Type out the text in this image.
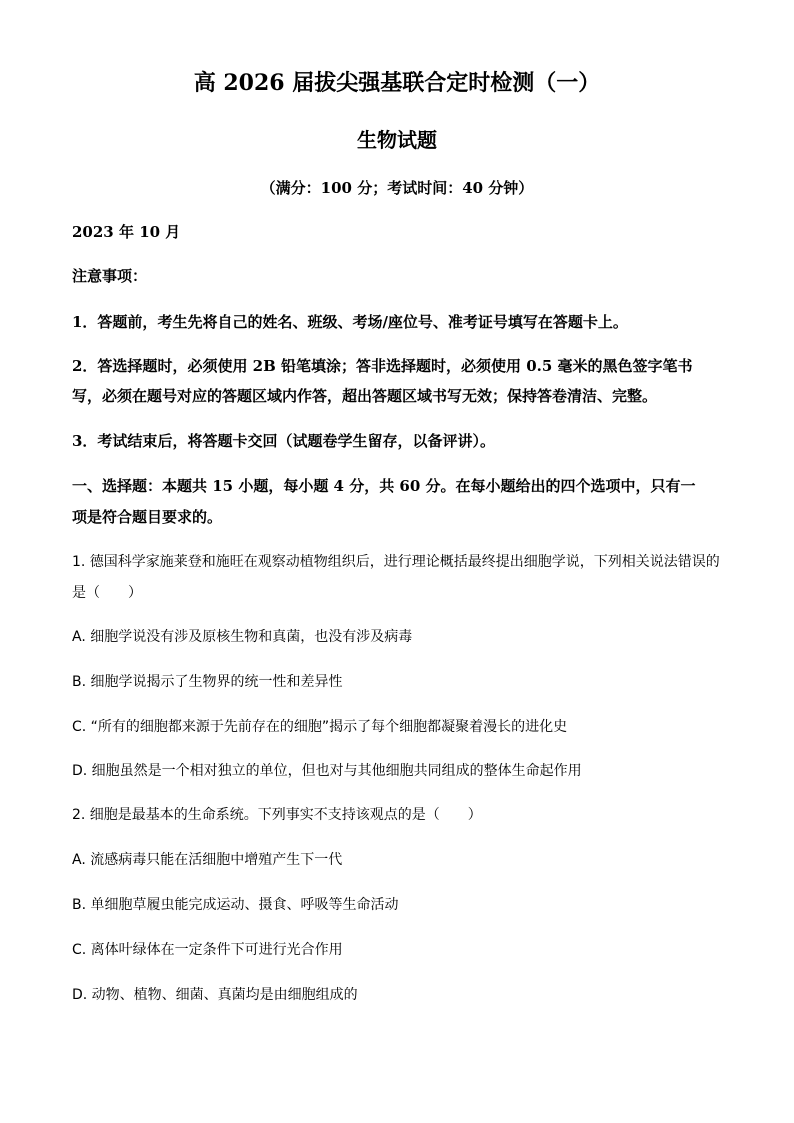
高 2026 届拔尖强基联合定时检测（一）
生物试题
（满分：100 分；考试时间：40 分钟）
2023 年 10 月
注意事项：
1．答题前，考生先将自己的姓名、班级、考场/座位号、准考证号填写在答题卡上。
2．答选择题时，必须使用 2B 铅笔填涂；答非选择题时，必须使用 0.5 毫米的黑色签字笔书
写，必须在题号对应的答题区域内作答，超出答题区域书写无效；保持答卷清洁、完整。
3．考试结束后，将答题卡交回（试题卷学生留存，以备评讲）。
一、选择题：本题共 15 小题，每小题 4 分，共 60 分。在每小题给出的四个选项中，只有一
项是符合题目要求的。
1. 德国科学家施莱登和施旺在观察动植物组织后，进行理论概括最终提出细胞学说，下列相关说法错误的
是（　　）
A. 细胞学说没有涉及原核生物和真菌，也没有涉及病毒
B. 细胞学说揭示了生物界的统一性和差异性
C. “所有的细胞都来源于先前存在的细胞”揭示了每个细胞都凝聚着漫长的进化史
D. 细胞虽然是一个相对独立的单位，但也对与其他细胞共同组成的整体生命起作用
2. 细胞是最基本的生命系统。下列事实不支持该观点的是（　　）
A. 流感病毒只能在活细胞中增殖产生下一代
B. 单细胞草履虫能完成运动、摄食、呼吸等生命活动
C. 离体叶绿体在一定条件下可进行光合作用
D. 动物、植物、细菌、真菌均是由细胞组成的
